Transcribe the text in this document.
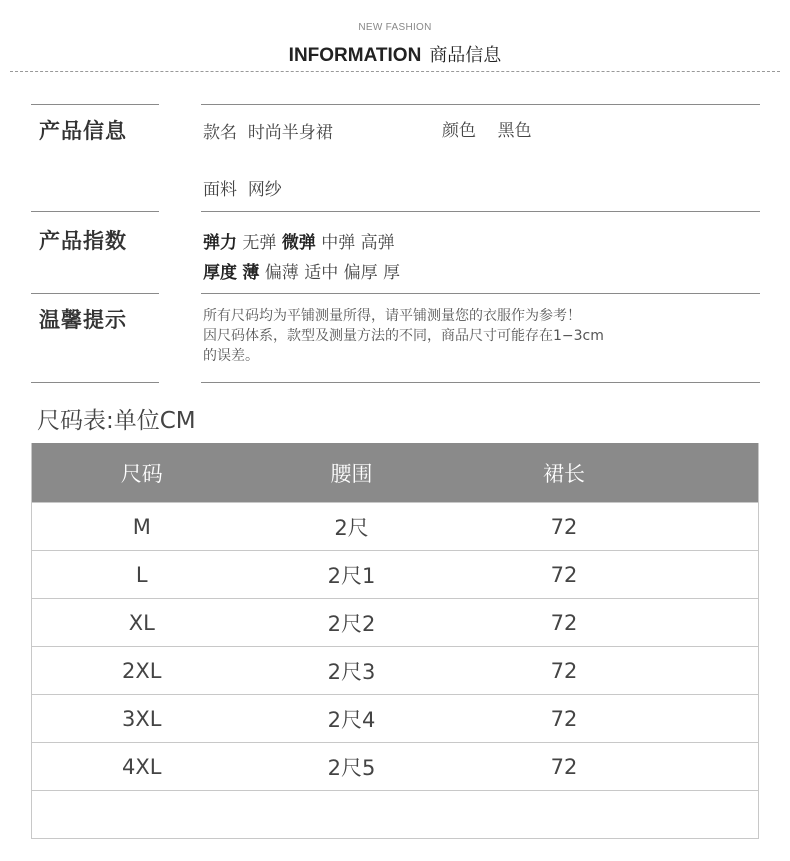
NEW FASHION
INFORMATION 商品信息
产品信息	款名 时尚半身裙	颜色 黑色
面料 网纱
产品指数	弹力 无弹 微弹 中弹 高弹
厚度 薄 偏薄 适中 偏厚 厚
温馨提示	所有尺码均为平铺测量所得，请平铺测量您的衣服作为参考！
因尺码体系，款型及测量方法的不同，商品尺寸可能存在1−3cm
的误差。
尺码表:单位CM
尺码	腰围	裙长	
M	2尺	72	
L	2尺1	72	
XL	2尺2	72	
2XL	2尺3	72	
3XL	2尺4	72	
4XL	2尺5	72	
